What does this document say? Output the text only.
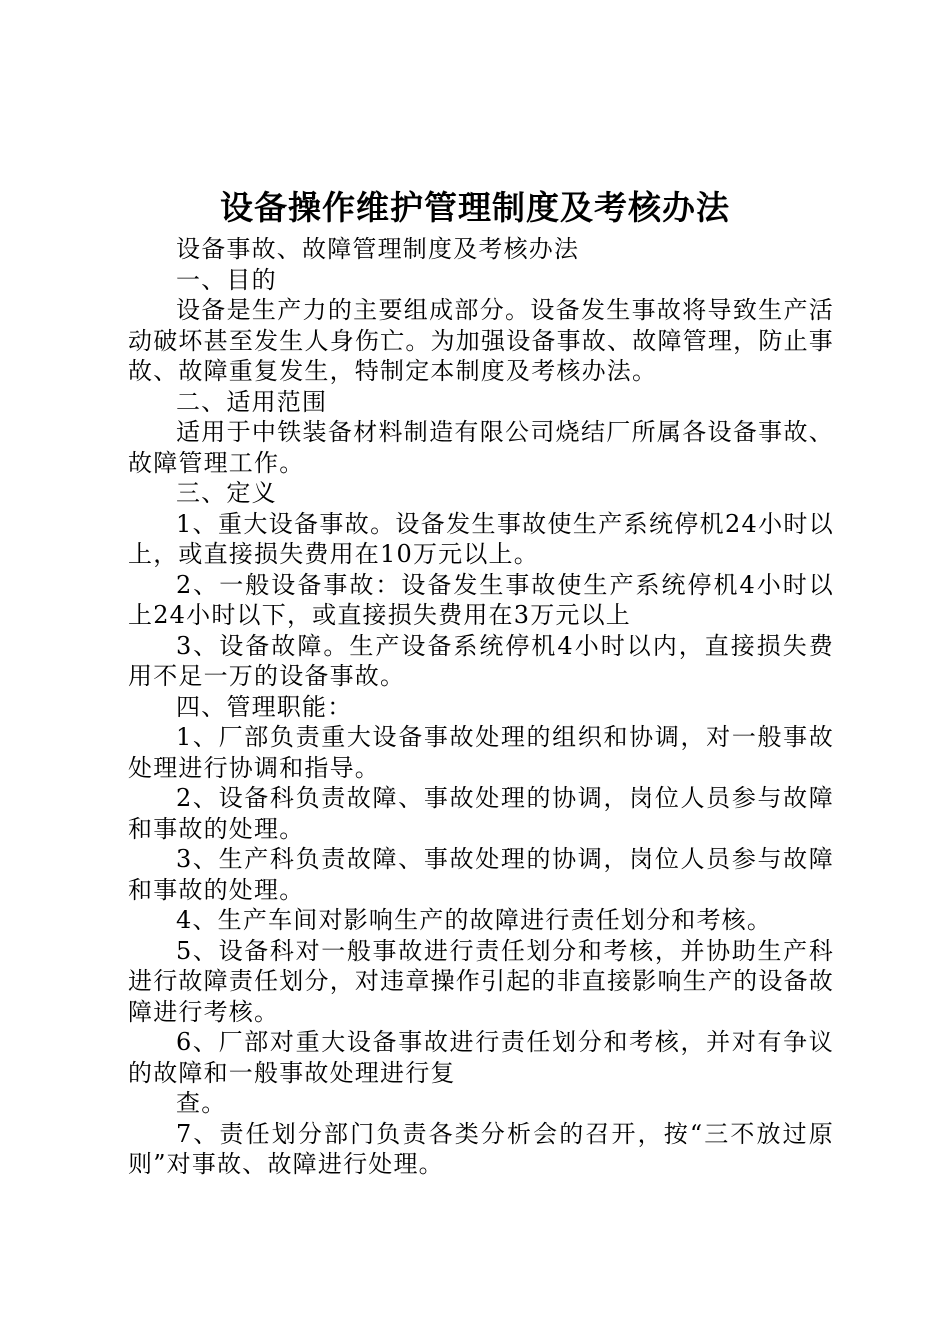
设备操作维护管理制度及考核办法

设备事故、故障管理制度及考核办法

一、目的

设备是生产力的主要组成部分。设备发生事故将导致生产活动破坏甚至发生人身伤亡。为加强设备事故、故障管理，防止事故、故障重复发生，特制定本制度及考核办法。

二、适用范围

适用于中铁装备材料制造有限公司烧结厂所属各设备事故、故障管理工作。

三、定义

1、重大设备事故。设备发生事故使生产系统停机24小时以上，或直接损失费用在10万元以上。

2、一般设备事故：设备发生事故使生产系统停机4小时以上24小时以下，或直接损失费用在3万元以上

3、设备故障。生产设备系统停机4小时以内，直接损失费用不足一万的设备事故。

四、管理职能：

1、厂部负责重大设备事故处理的组织和协调，对一般事故处理进行协调和指导。

2、设备科负责故障、事故处理的协调，岗位人员参与故障和事故的处理。

3、生产科负责故障、事故处理的协调，岗位人员参与故障和事故的处理。

4、生产车间对影响生产的故障进行责任划分和考核。

5、设备科对一般事故进行责任划分和考核，并协助生产科进行故障责任划分，对违章操作引起的非直接影响生产的设备故障进行考核。

6、厂部对重大设备事故进行责任划分和考核，并对有争议的故障和一般事故处理进行复

查。

7、责任划分部门负责各类分析会的召开，按“三不放过原则”对事故、故障进行处理。
